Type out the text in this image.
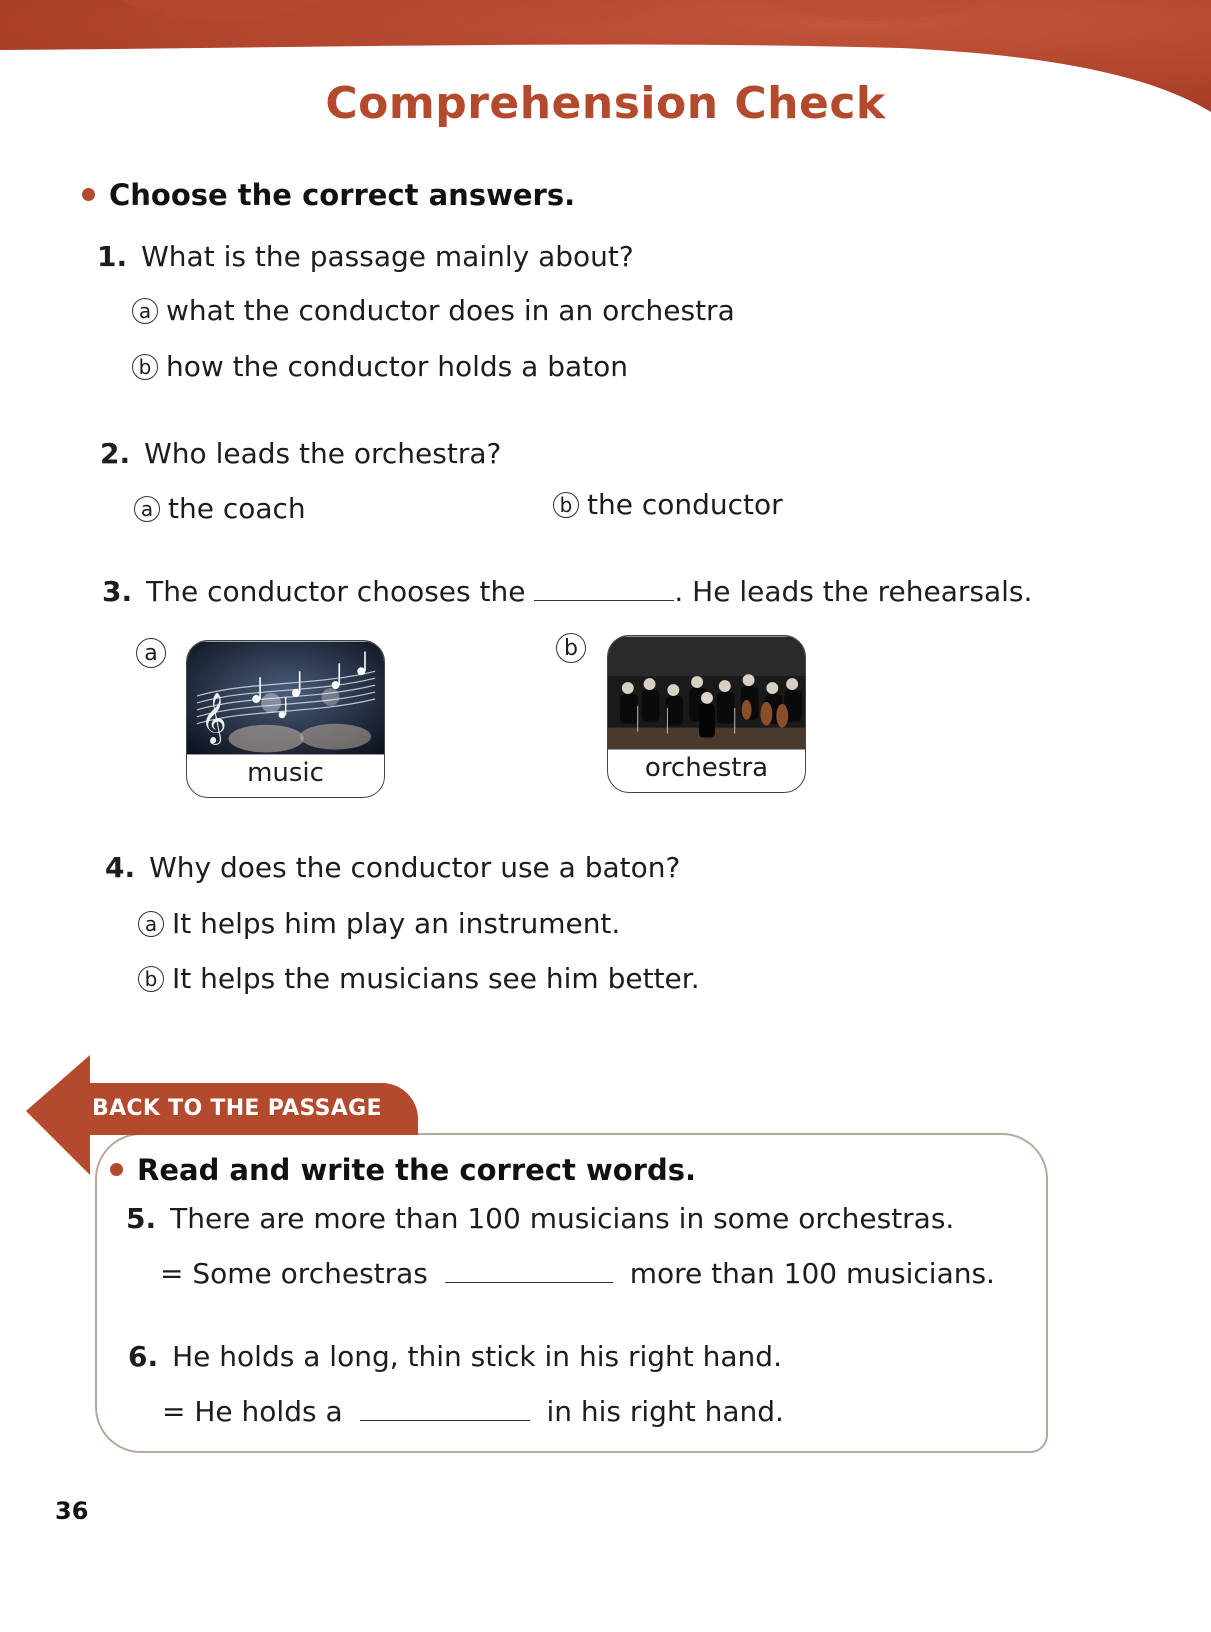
Comprehension Check
Choose the correct answers.
1. What is the passage mainly about?
a what the conductor does in an orchestra
b how the conductor holds a baton
2. Who leads the orchestra?
a the coach	b the conductor
3. The conductor chooses the	. He leads the rehearsals.
a
𝄞
music
b
orchestra
4. Why does the conductor use a baton?
a It helps him play an instrument.
b It helps the musicians see him better.
BACK TO THE PASSAGE
Read and write the correct words.
5. There are more than 100 musicians in some orchestras.
= Some orchestras	more than 100 musicians.
6. He holds a long, thin stick in his right hand.
= He holds a	in his right hand.
36
